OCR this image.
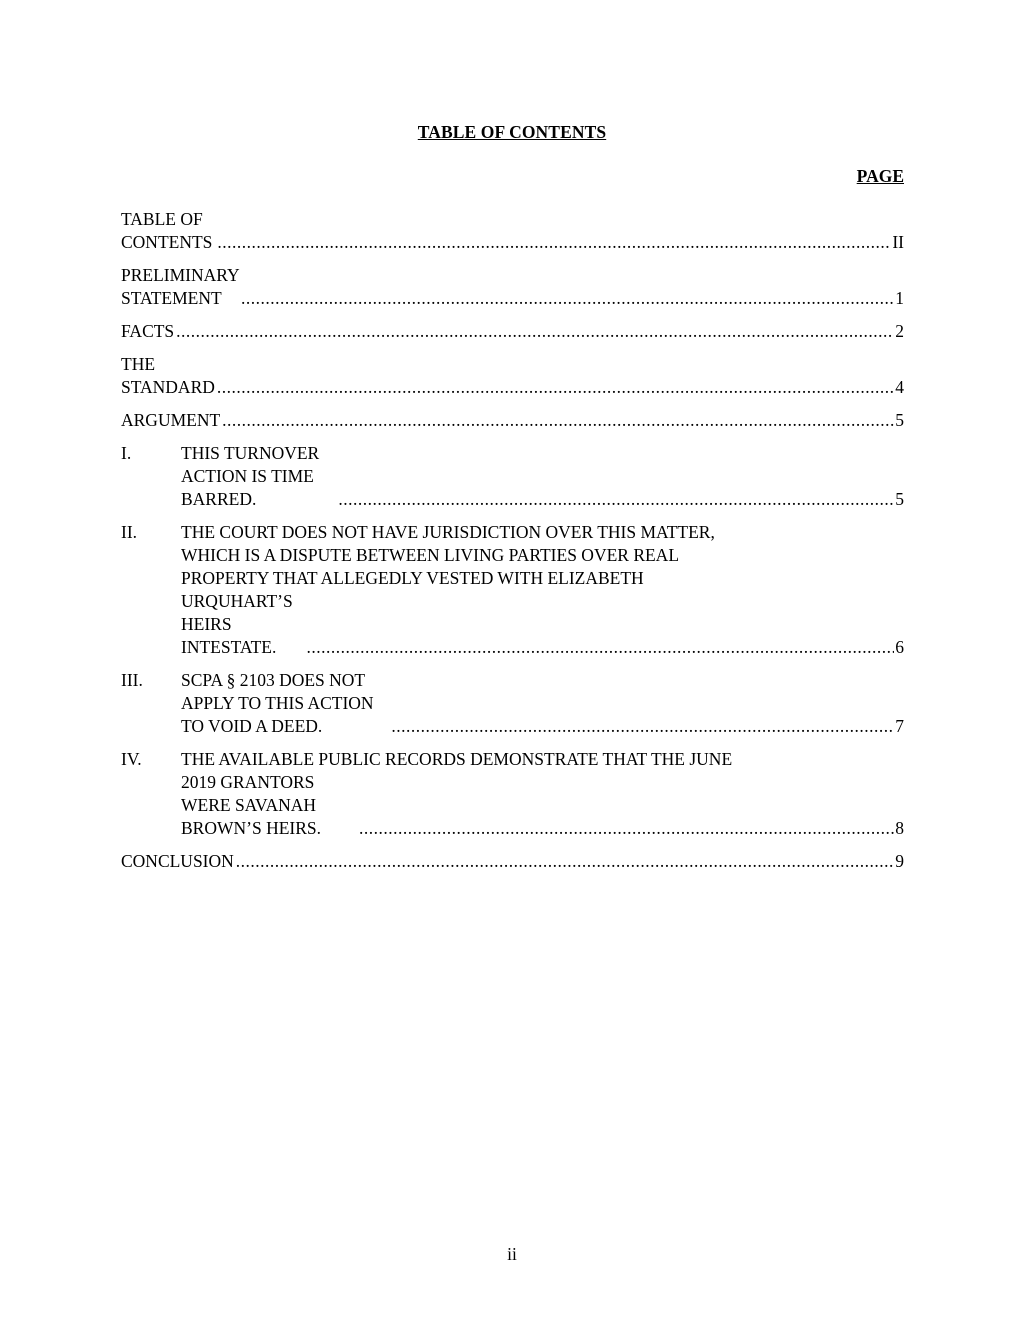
TABLE OF CONTENTS
PAGE
TABLE OF CONTENTS .....	II
PRELIMINARY STATEMENT .....	1
FACTS .....	2
THE STANDARD .....	4
ARGUMENT .....	5
I.	THIS TURNOVER ACTION IS TIME BARRED. .....	5
II.	THE COURT DOES NOT HAVE JURISDICTION OVER THIS MATTER,
WHICH IS A DISPUTE BETWEEN LIVING PARTIES OVER REAL
PROPERTY THAT ALLEGEDLY VESTED WITH ELIZABETH
URQUHART’S HEIRS INTESTATE. .....	6
III.	SCPA § 2103 DOES NOT APPLY TO THIS ACTION TO VOID A DEED. .....	7
IV.	THE AVAILABLE PUBLIC RECORDS DEMONSTRATE THAT THE JUNE
2019 GRANTORS WERE SAVANAH BROWN’S HEIRS. .....	8
CONCLUSION .....	9
ii
